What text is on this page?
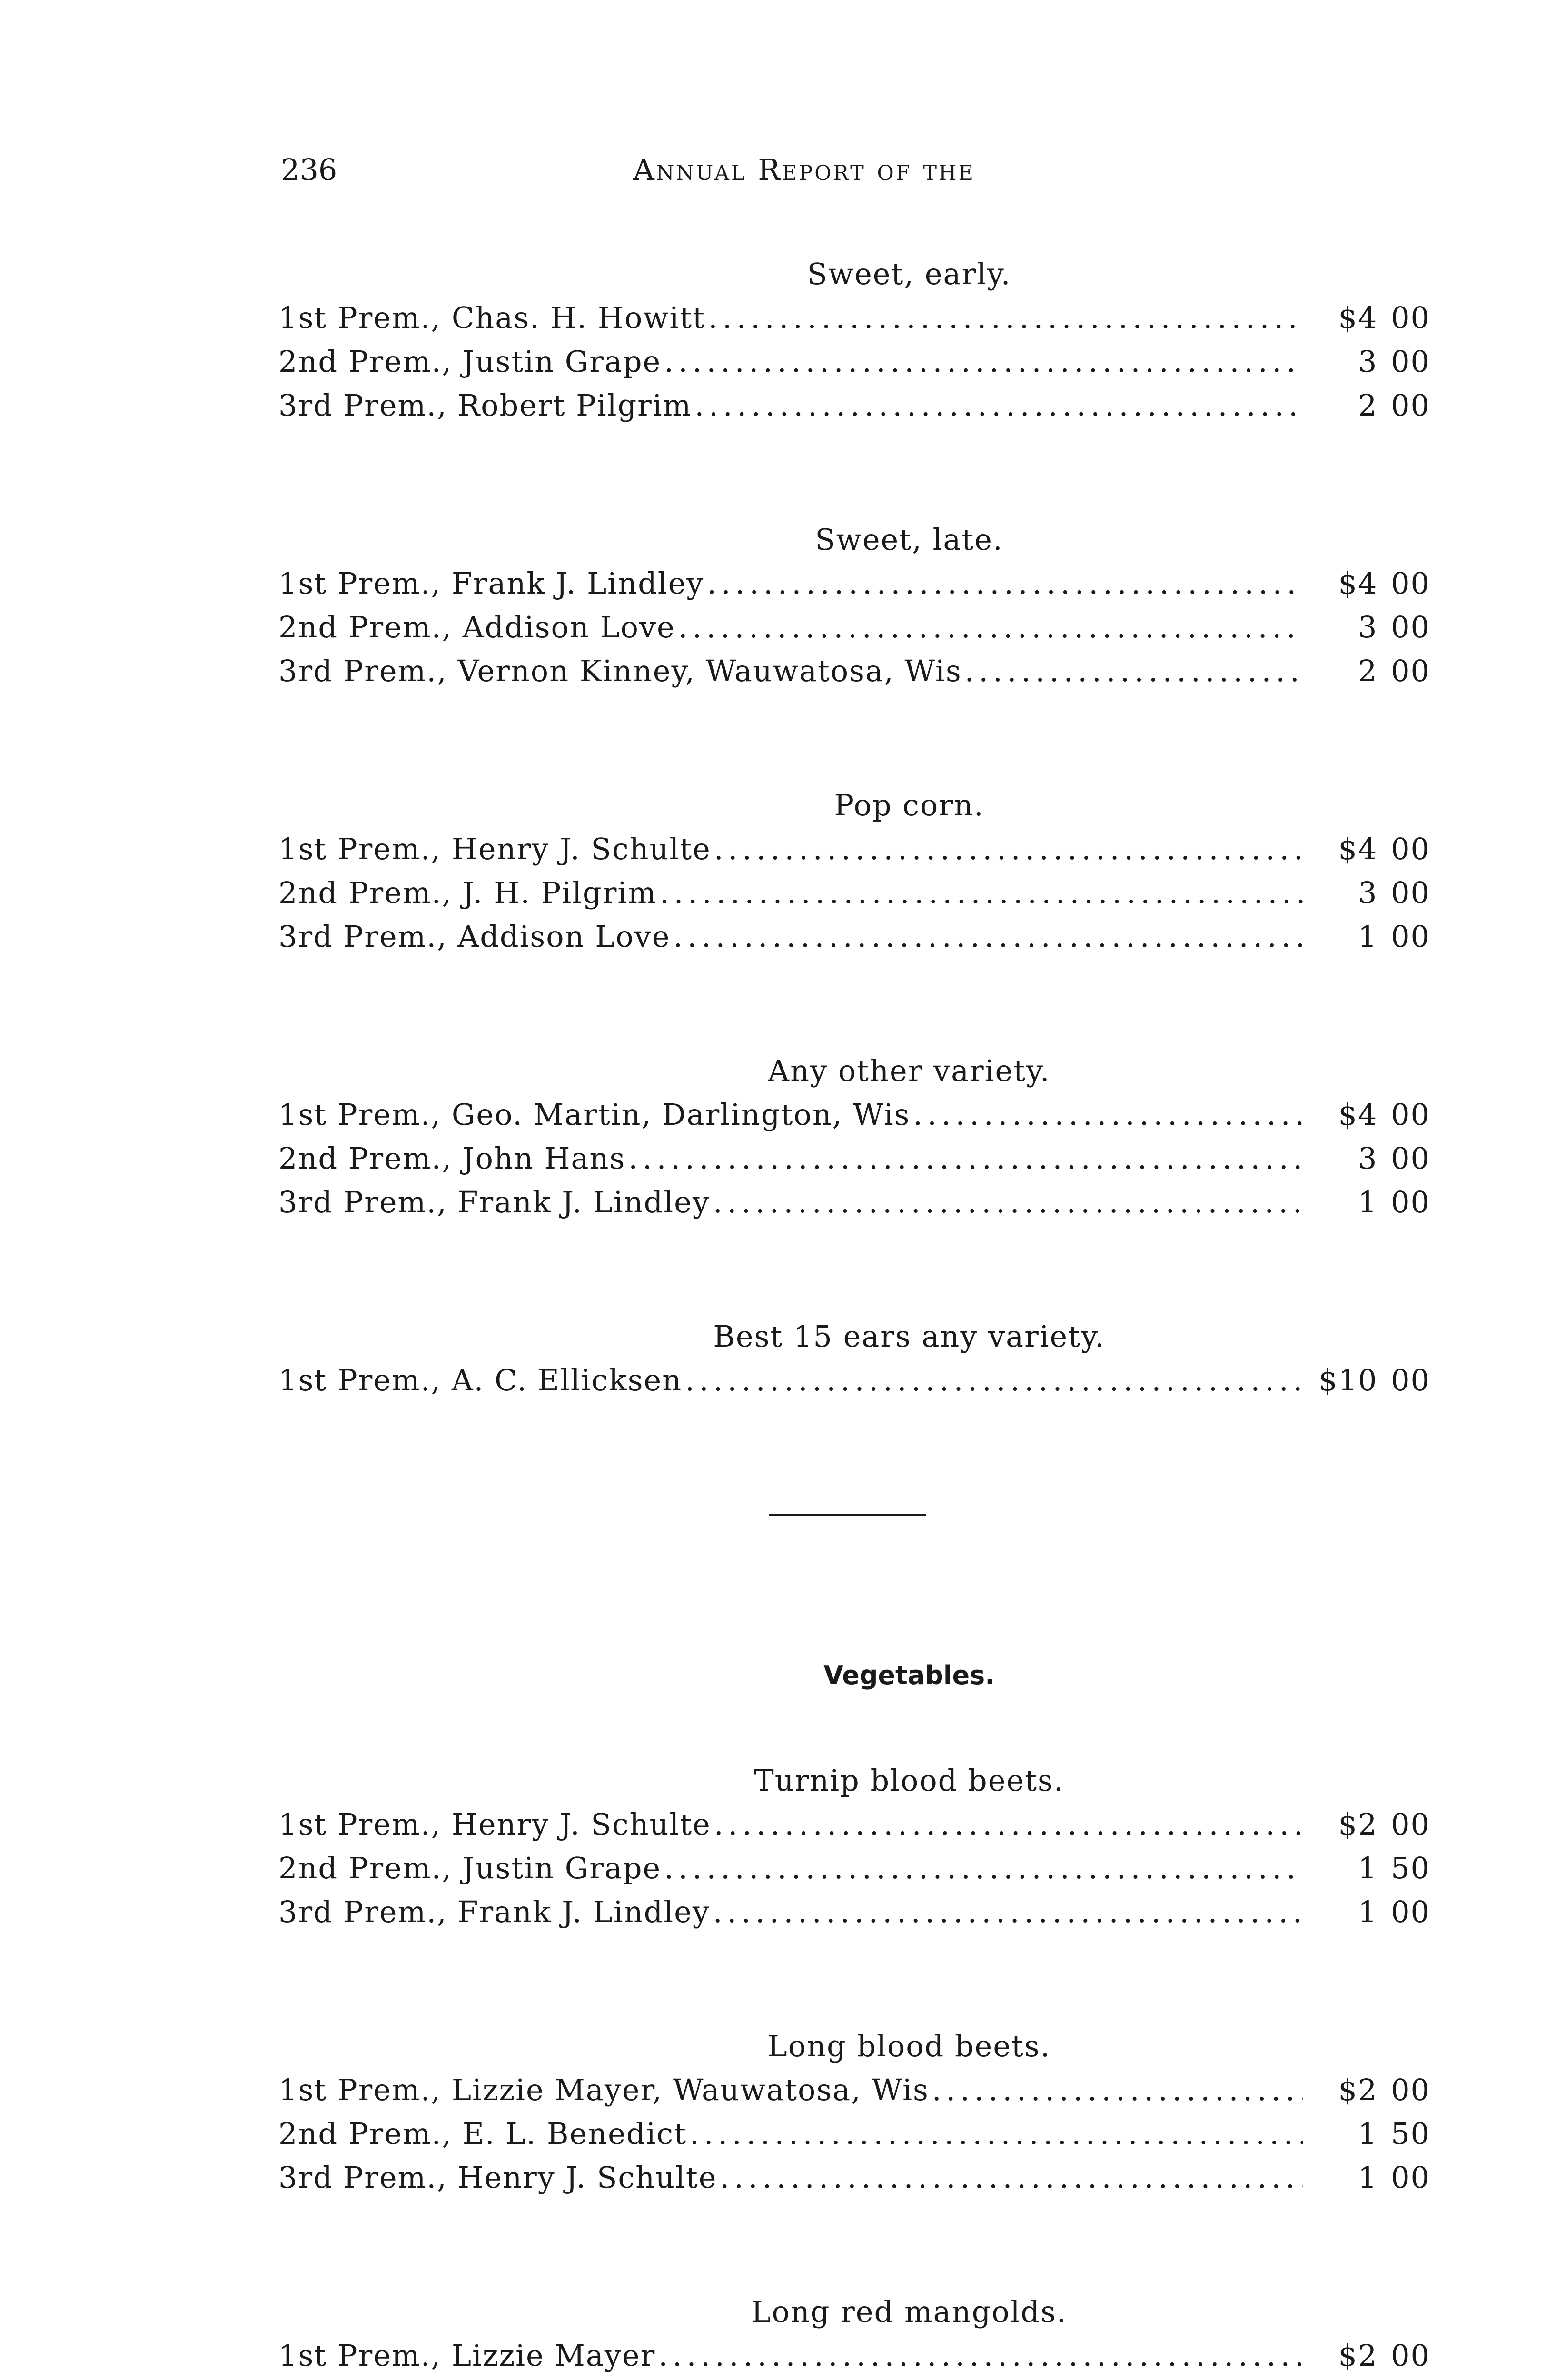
236	Annual Report of the
Sweet, early.
1st Prem., Chas. H. Howitt .....	$4 00
2nd Prem., Justin Grape .....	3 00
3rd Prem., Robert Pilgrim .....	2 00
Sweet, late.
1st Prem., Frank J. Lindley .....	$4 00
2nd Prem., Addison Love .....	3 00
3rd Prem., Vernon Kinney, Wauwatosa, Wis .....	2 00
Pop corn.
1st Prem., Henry J. Schulte .....	$4 00
2nd Prem., J. H. Pilgrim .....	3 00
3rd Prem., Addison Love .....	1 00
Any other variety.
1st Prem., Geo. Martin, Darlington, Wis .....	$4 00
2nd Prem., John Hans .....	3 00
3rd Prem., Frank J. Lindley .....	1 00
Best 15 ears any variety.
1st Prem., A. C. Ellicksen .....	$10 00
Vegetables.
Turnip blood beets.
1st Prem., Henry J. Schulte .....	$2 00
2nd Prem., Justin Grape .....	1 50
3rd Prem., Frank J. Lindley .....	1 00
Long blood beets.
1st Prem., Lizzie Mayer, Wauwatosa, Wis .....	$2 00
2nd Prem., E. L. Benedict .....	1 50
3rd Prem., Henry J. Schulte .....	1 00
Long red mangolds.
1st Prem., Lizzie Mayer .....	$2 00
.....
